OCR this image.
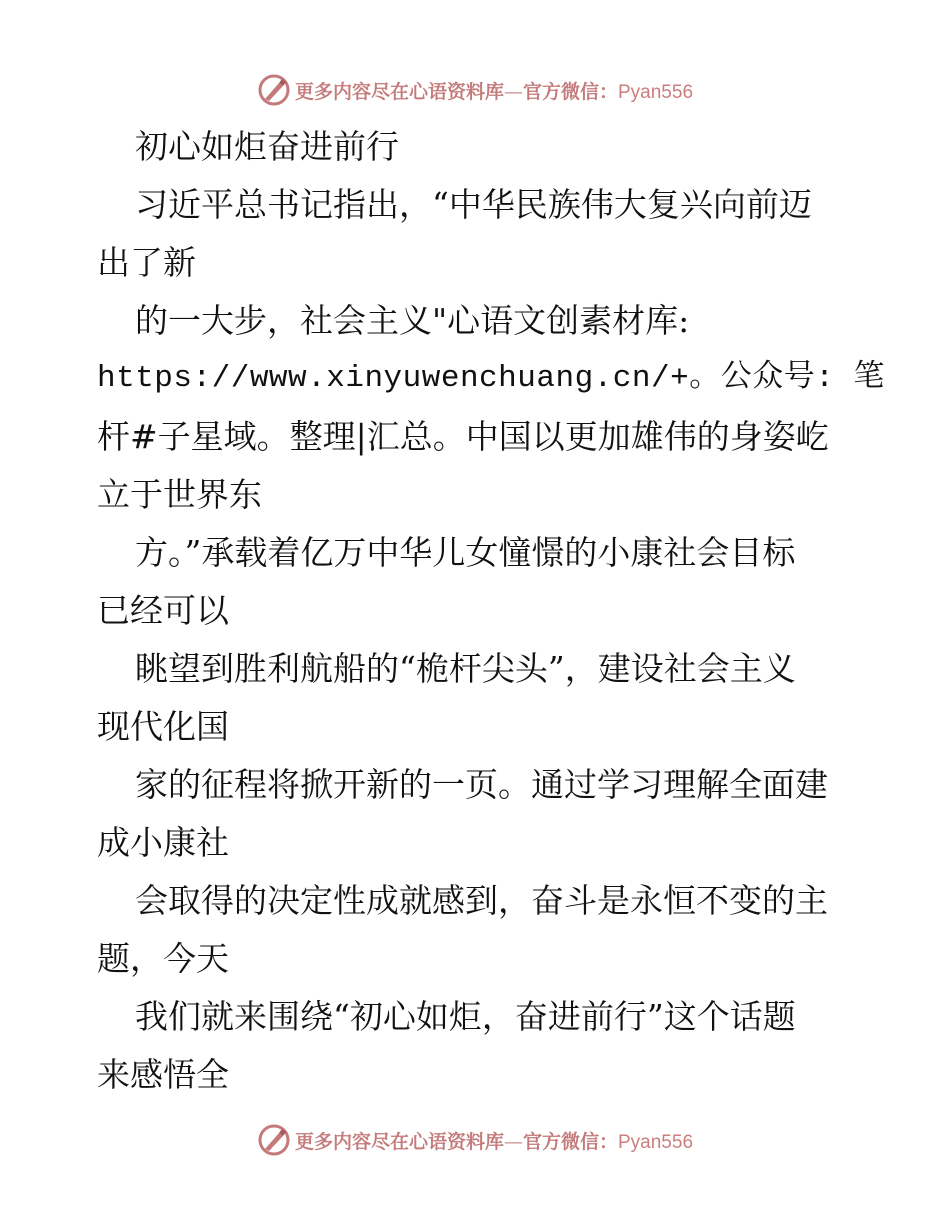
更多内容尽在心语资料库—官方微信：Pyan556
初心如炬奋进前行
习近平总书记指出，“中华民族伟大复兴向前迈
出了新
的一大步，社会主义"心语文创素材库:
https://www.xinyuwenchuang.cn/+。公众号: 笔
杆#子星域。整理|汇总。中国以更加雄伟的身姿屹
立于世界东
方。”承载着亿万中华儿女憧憬的小康社会目标
已经可以
眺望到胜利航船的“桅杆尖头”，建设社会主义
现代化国
家的征程将掀开新的一页。通过学习理解全面建
成小康社
会取得的决定性成就感到，奋斗是永恒不变的主
题，今天
我们就来围绕“初心如炬，奋进前行”这个话题
来感悟全
更多内容尽在心语资料库—官方微信：Pyan556
